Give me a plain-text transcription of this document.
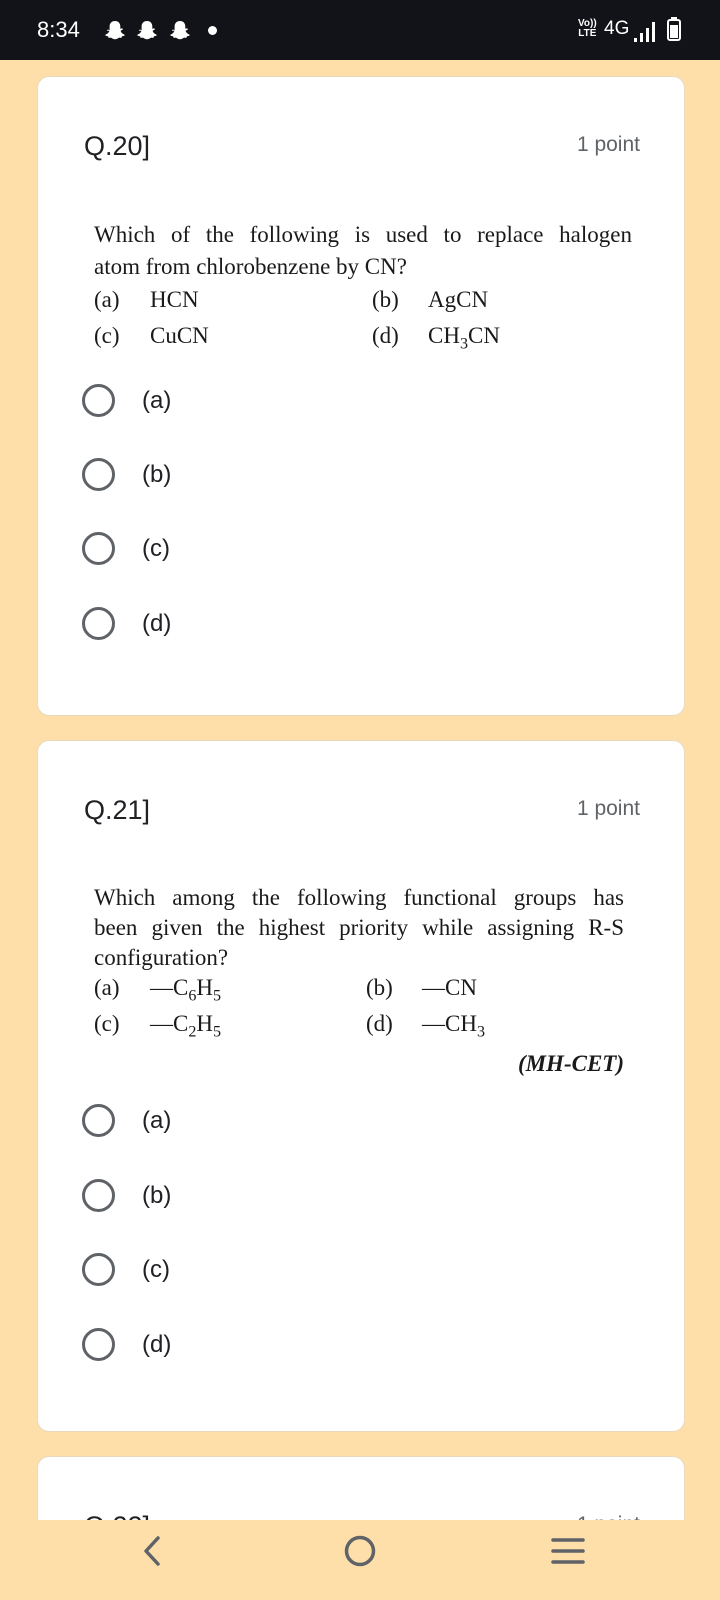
8:34	Vo))
LTE 4G
Q.20]	1 point
Which of the following is used to replace halogen
atom from chlorobenzene by CN?
(a) HCN	(b) AgCN
(c) CuCN	(d) $CH_3CN$
(a)
(b)
(c)
(d)
Q.21]	1 point
Which among the following functional groups has
been given the highest priority while assigning R-S
configuration?
(a) $—C_6H_5$	(b) —CN
(c) $—C_2H_5$	(d) $—CH_3$
(MH-CET)
(a)
(b)
(c)
(d)
